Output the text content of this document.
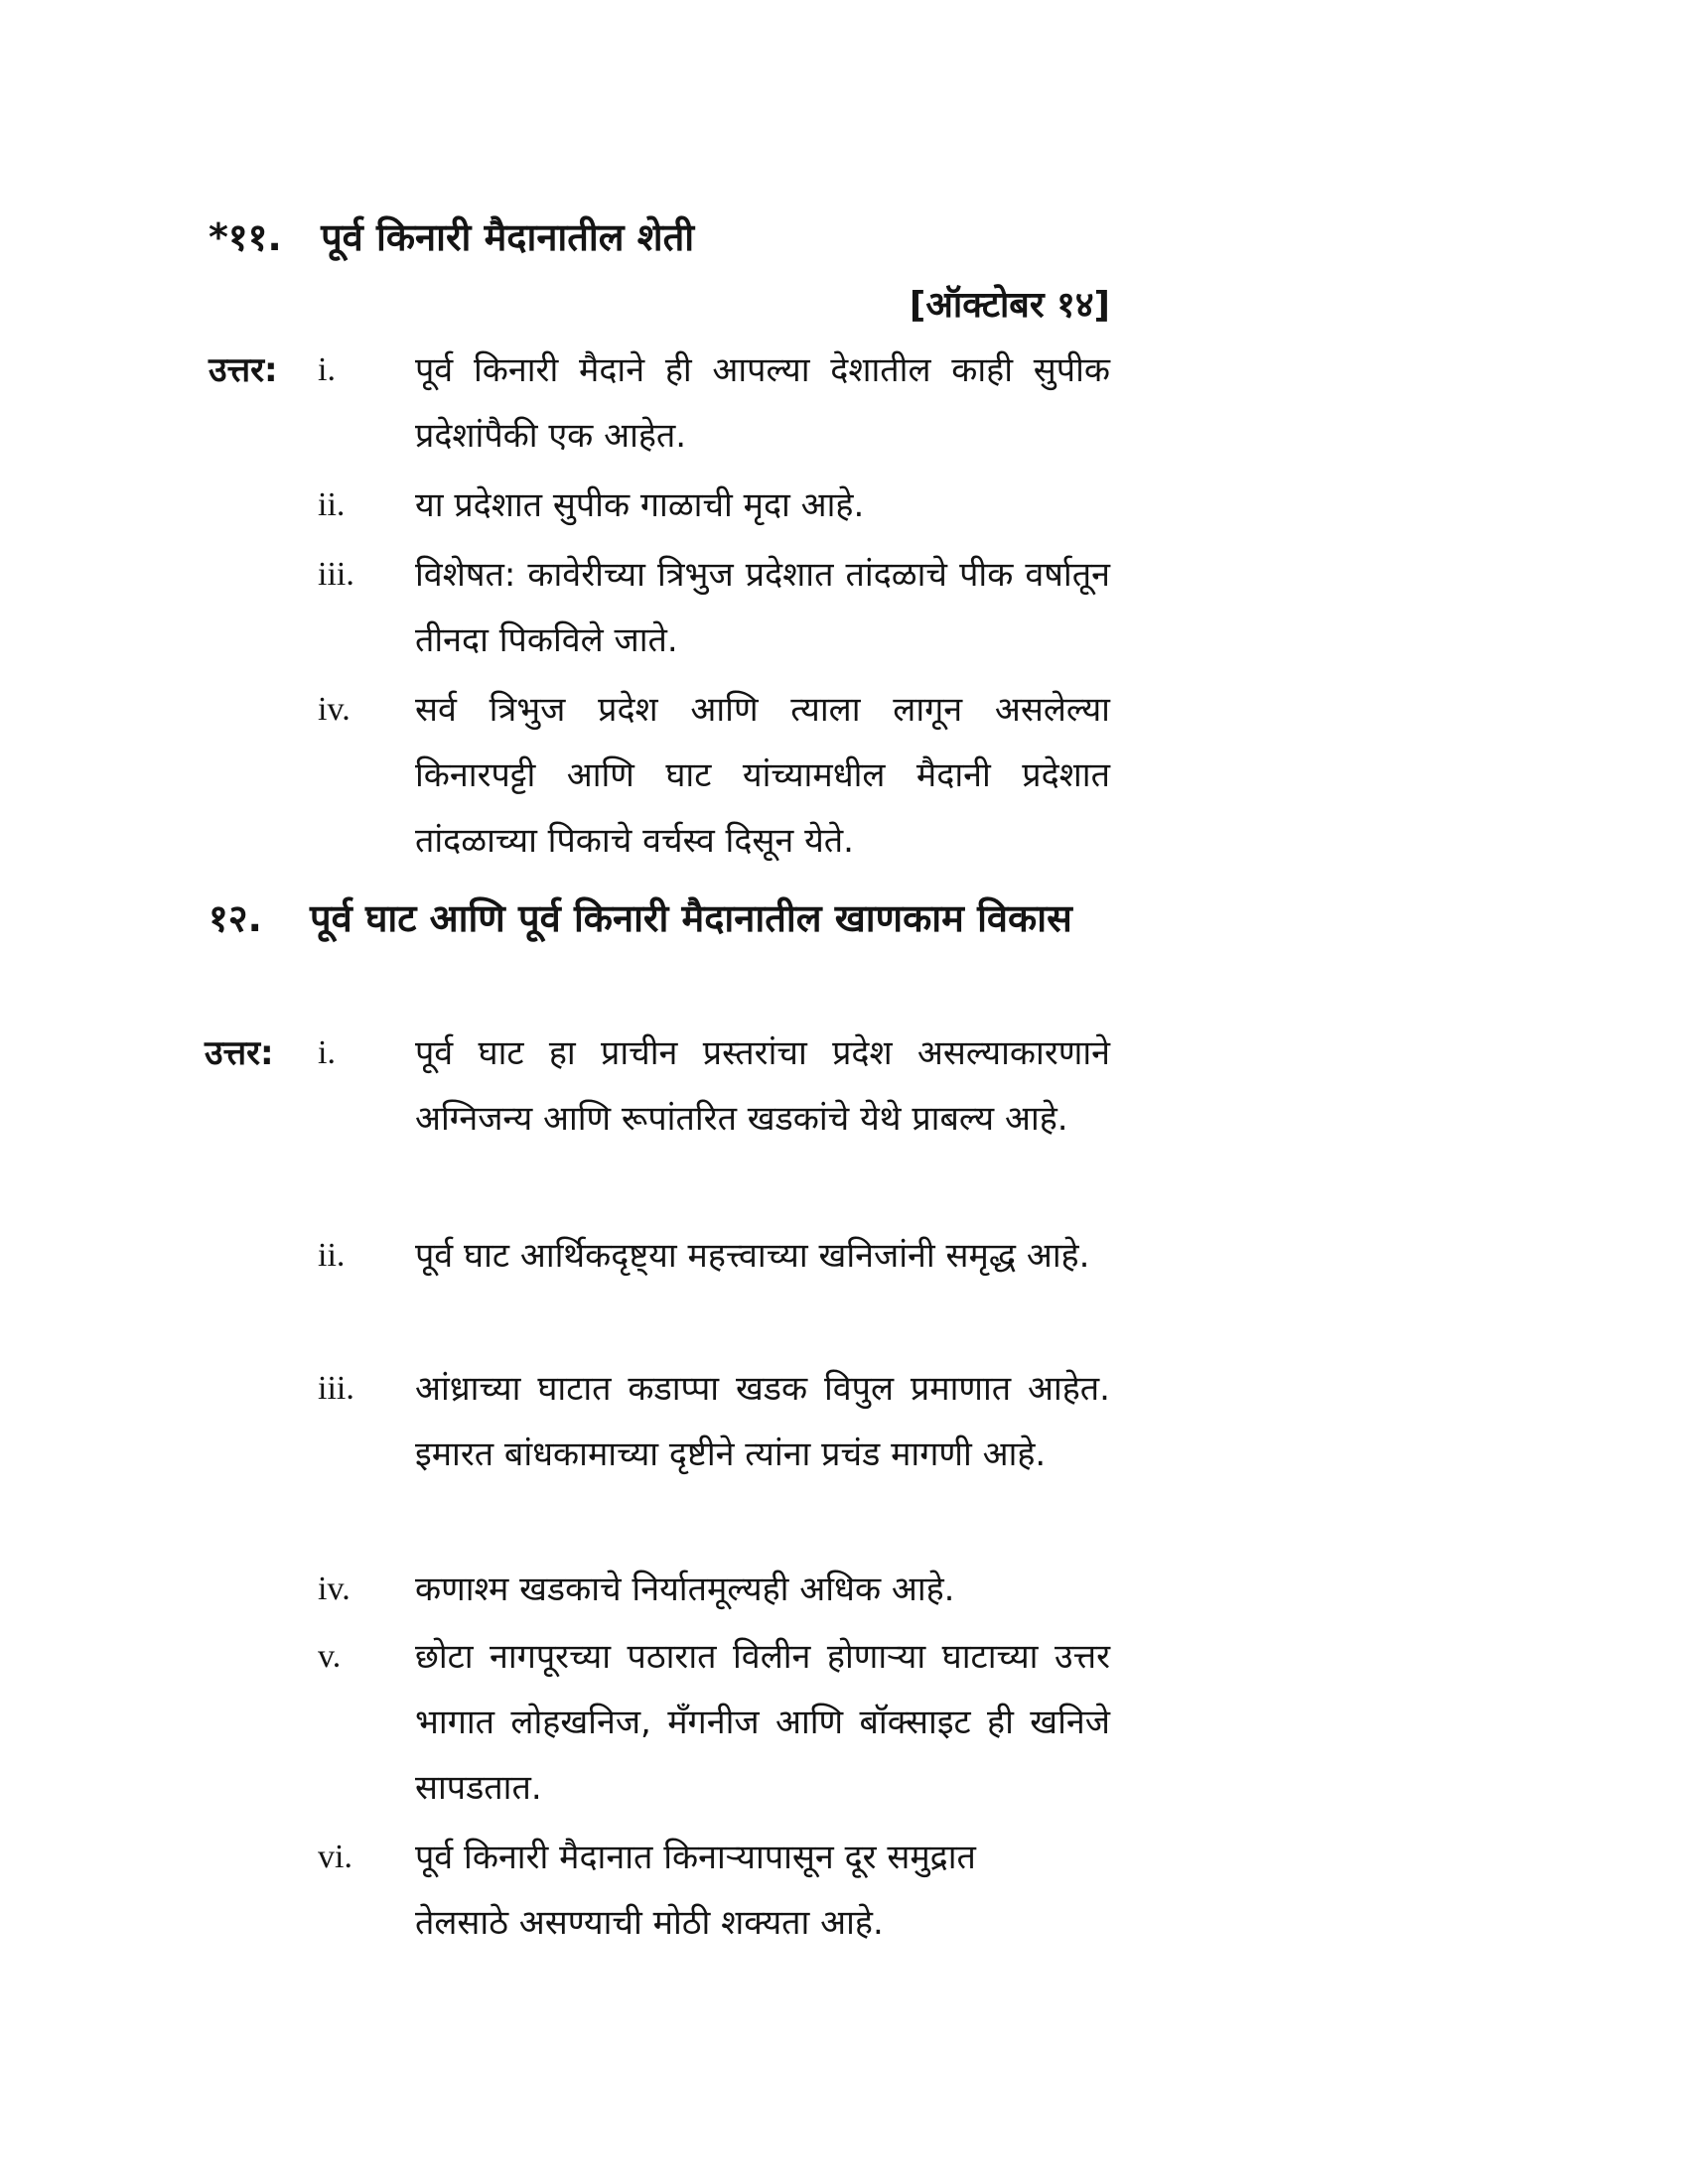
*११. पूर्व किनारी मैदानातील शेती
[ऑक्टोबर १४]
उत्तर: i. पूर्व किनारी मैदाने ही आपल्या देशातील काही सुपीक प्रदेशांपैकी एक आहेत.
ii. या प्रदेशात सुपीक गाळाची मृदा आहे.
iii. विशेषत: कावेरीच्या त्रिभुज प्रदेशात तांदळाचे पीक वर्षातून तीनदा पिकविले जाते.
iv. सर्व त्रिभुज प्रदेश आणि त्याला लागून असलेल्या किनारपट्टी आणि घाट यांच्यामधील मैदानी प्रदेशात तांदळाच्या पिकाचे वर्चस्व दिसून येते.
१२. पूर्व घाट आणि पूर्व किनारी मैदानातील खाणकाम विकास
उत्तर: i. पूर्व घाट हा प्राचीन प्रस्तरांचा प्रदेश असल्याकारणाने अग्निजन्य आणि रूपांतरित खडकांचे येथे प्राबल्य आहे.
ii. पूर्व घाट आर्थिकदृष्ट्या महत्त्वाच्या खनिजांनी समृद्ध आहे.
iii. आंध्राच्या घाटात कडाप्पा खडक विपुल प्रमाणात आहेत. इमारत बांधकामाच्या दृष्टीने त्यांना प्रचंड मागणी आहे.
iv. कणाश्म खडकाचे निर्यातमूल्यही अधिक आहे.
v. छोटा नागपूरच्या पठारात विलीन होणाऱ्या घाटाच्या उत्तर भागात लोहखनिज, मँगनीज आणि बॉक्साइट ही खनिजे सापडतात.
vi. पूर्व किनारी मैदानात किनाऱ्यापासून दूर समुद्रात तेलसाठे असण्याची मोठी शक्यता आहे.
